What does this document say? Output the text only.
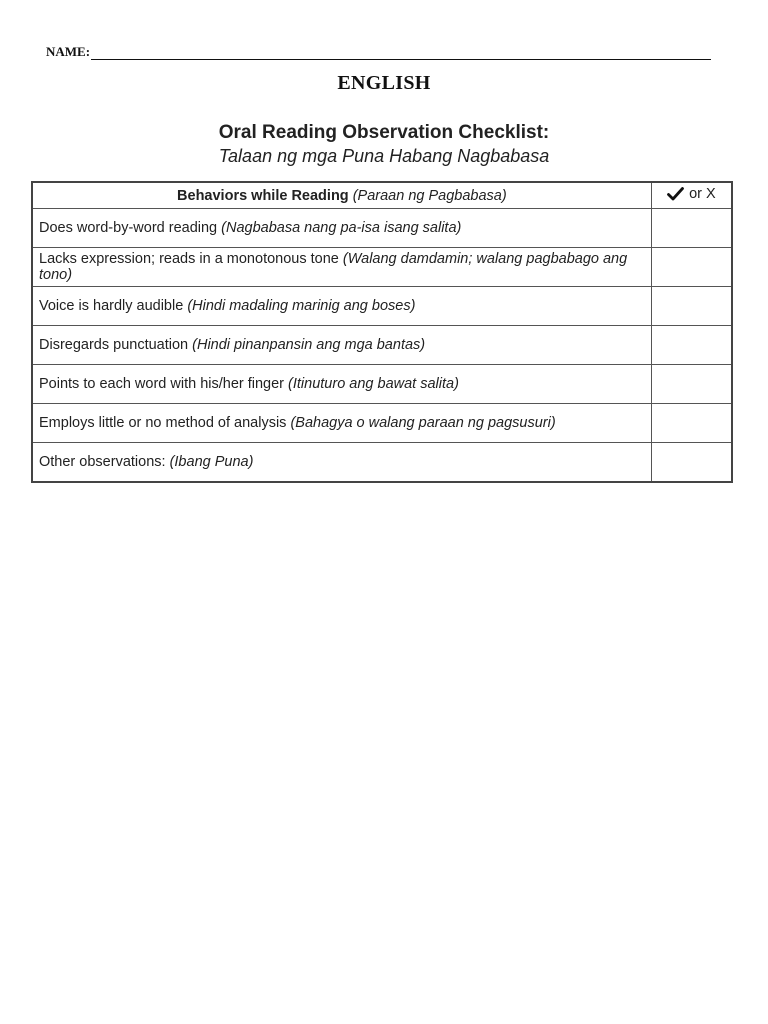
NAME:
ENGLISH
Oral Reading Observation Checklist:
Talaan ng mga Puna Habang Nagbabasa
Behaviors while Reading (Paraan ng Pagbabasa)	or X

Does word-by-word reading (Nagbabasa nang pa-isa isang salita)	
Lacks expression; reads in a monotonous tone (Walang damdamin; walang pagbabago ang tono)	
Voice is hardly audible (Hindi madaling marinig ang boses)	
Disregards punctuation (Hindi pinanpansin ang mga bantas)	
Points to each word with his/her finger (Itinuturo ang bawat salita)	
Employs little or no method of analysis (Bahagya o walang paraan ng pagsusuri)	
Other observations: (Ibang Puna)	
